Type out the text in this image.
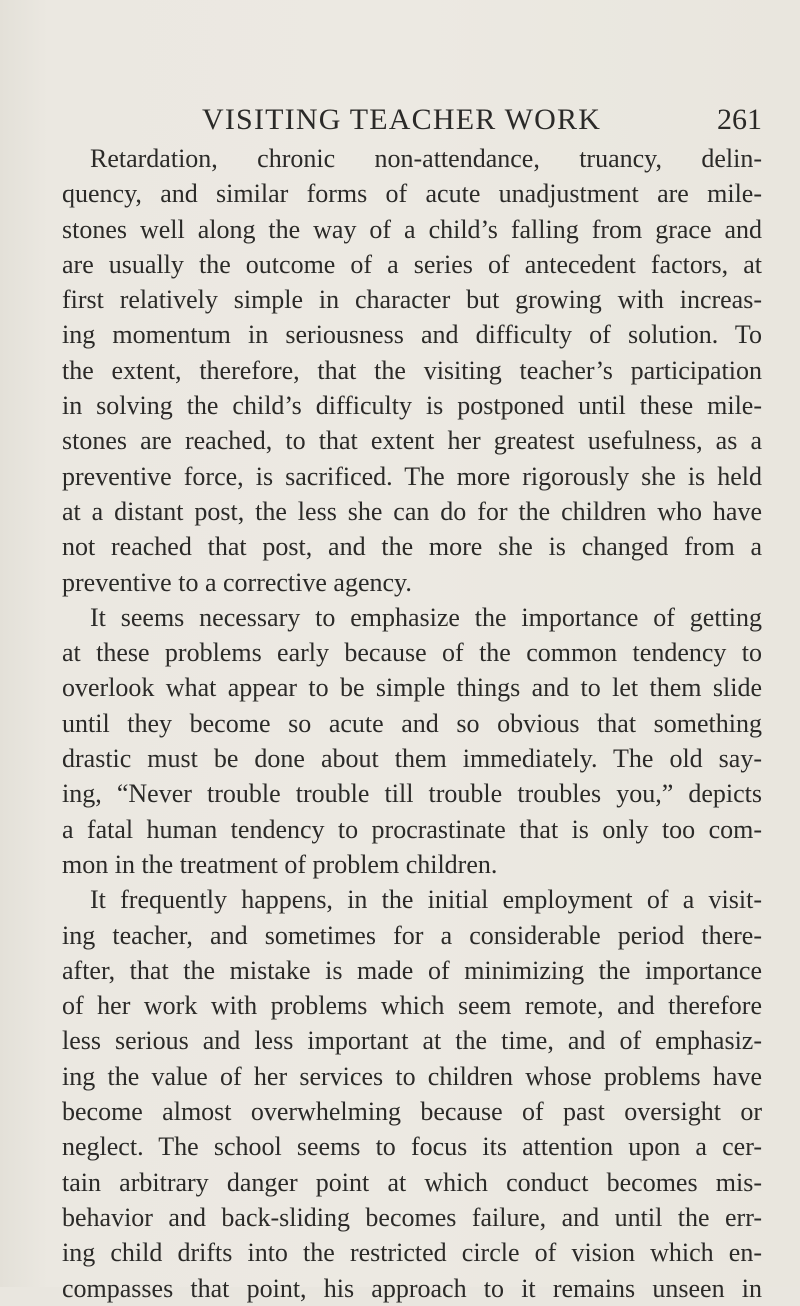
VISITING TEACHER WORK	261
Retardation, chronic non-attendance, truancy, delin-
quency, and similar forms of acute unadjustment are mile-
stones well along the way of a child’s falling from grace and
are usually the outcome of a series of antecedent factors, at
first relatively simple in character but growing with increas-
ing momentum in seriousness and difficulty of solution. To
the extent, therefore, that the visiting teacher’s participation
in solving the child’s difficulty is postponed until these mile-
stones are reached, to that extent her greatest usefulness, as a
preventive force, is sacrificed. The more rigorously she is held
at a distant post, the less she can do for the children who have
not reached that post, and the more she is changed from a
preventive to a corrective agency.
It seems necessary to emphasize the importance of getting
at these problems early because of the common tendency to
overlook what appear to be simple things and to let them slide
until they become so acute and so obvious that something
drastic must be done about them immediately. The old say-
ing, “Never trouble trouble till trouble troubles you,” depicts
a fatal human tendency to procrastinate that is only too com-
mon in the treatment of problem children.
It frequently happens, in the initial employment of a visit-
ing teacher, and sometimes for a considerable period there-
after, that the mistake is made of minimizing the importance
of her work with problems which seem remote, and therefore
less serious and less important at the time, and of emphasiz-
ing the value of her services to children whose problems have
become almost overwhelming because of past oversight or
neglect. The school seems to focus its attention upon a cer-
tain arbitrary danger point at which conduct becomes mis-
behavior and back-sliding becomes failure, and until the err-
ing child drifts into the restricted circle of vision which en-
compasses that point, his approach to it remains unseen in
